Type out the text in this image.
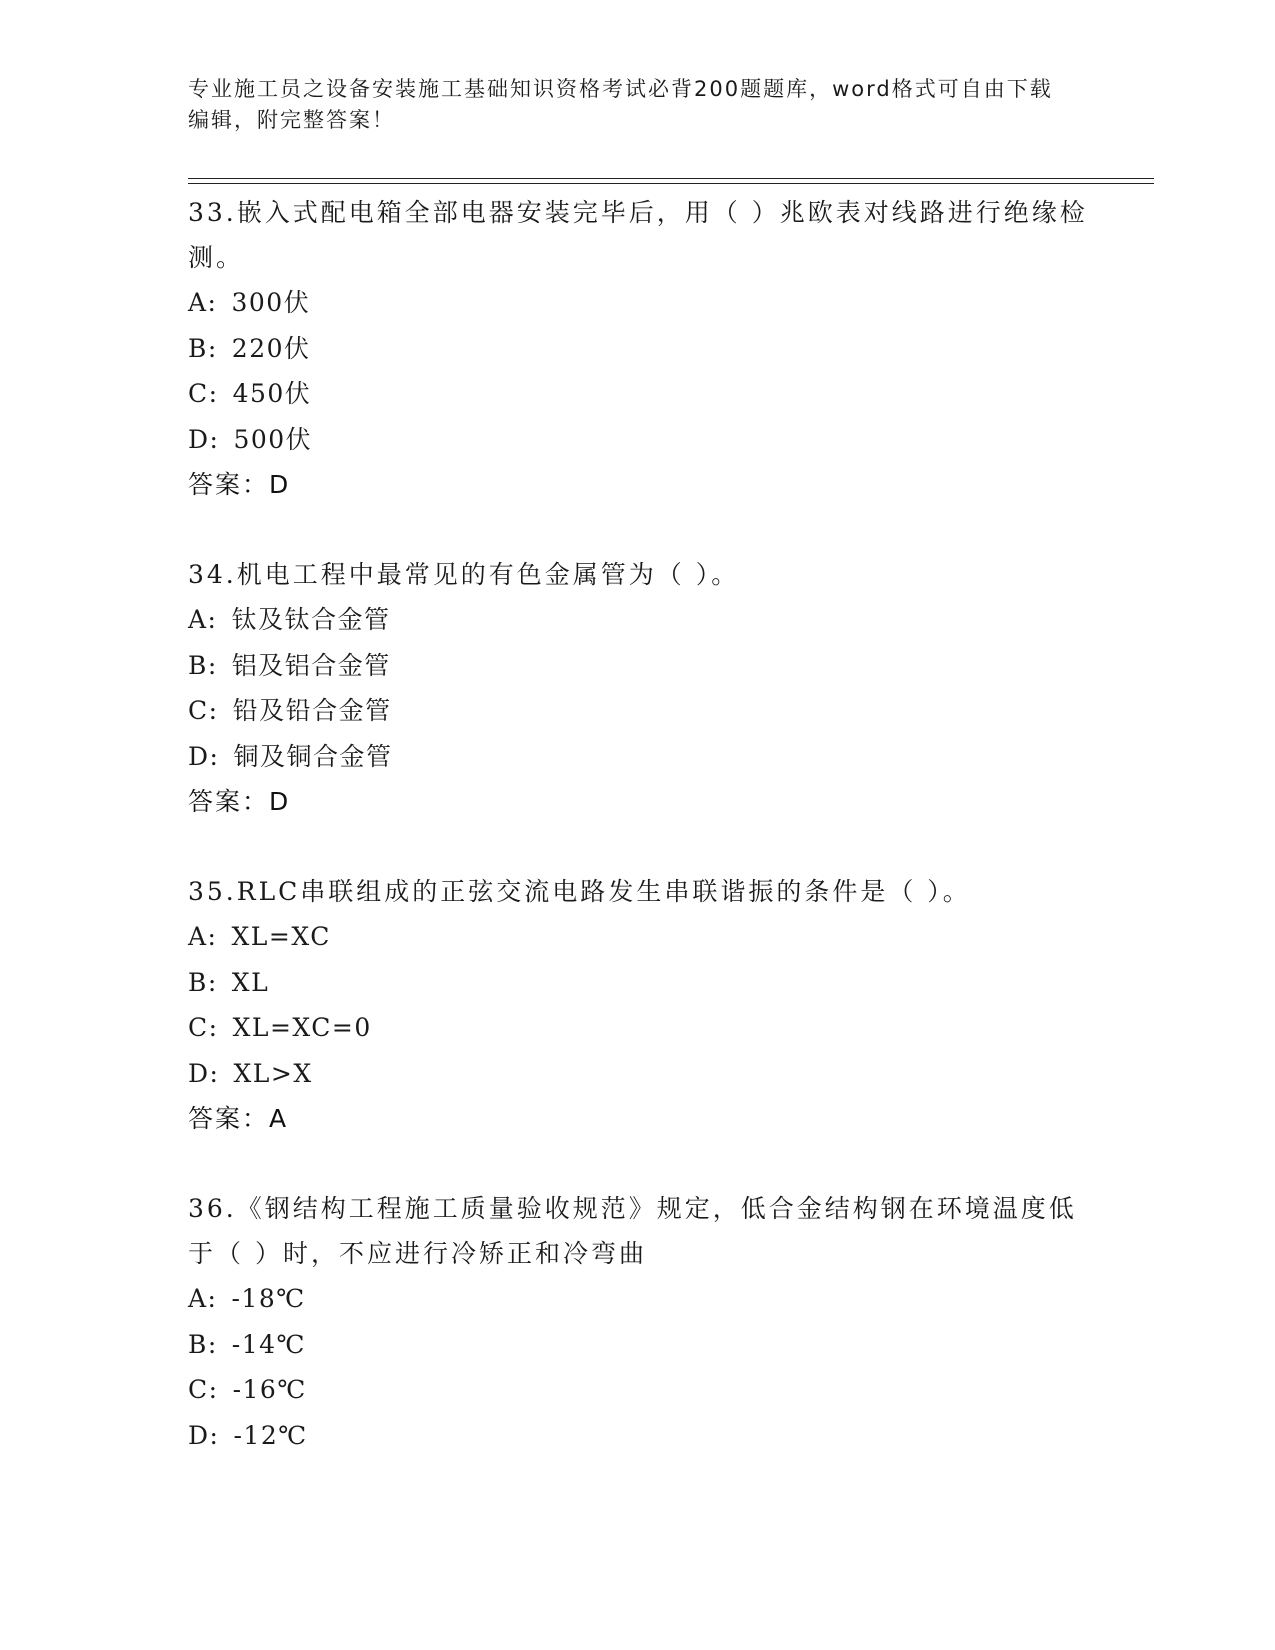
专业施工员之设备安装施工基础知识资格考试必背200题题库，word格式可自由下载编辑，附完整答案！
33.嵌入式配电箱全部电器安装完毕后，用（ ）兆欧表对线路进行绝缘检测。
A: 300伏
B: 220伏
C: 450伏
D: 500伏
答案：D
34.机电工程中最常见的有色金属管为（ ）。
A: 钛及钛合金管
B: 铝及铝合金管
C: 铅及铅合金管
D: 铜及铜合金管
答案：D
35.RLC串联组成的正弦交流电路发生串联谐振的条件是（ ）。
A: XL=XC
B: XL
C: XL=XC=0
D: XL>X
答案：A
36.《钢结构工程施工质量验收规范》规定，低合金结构钢在环境温度低于（ ）时，不应进行冷矫正和冷弯曲
A: -18℃
B: -14℃
C: -16℃
D: -12℃
